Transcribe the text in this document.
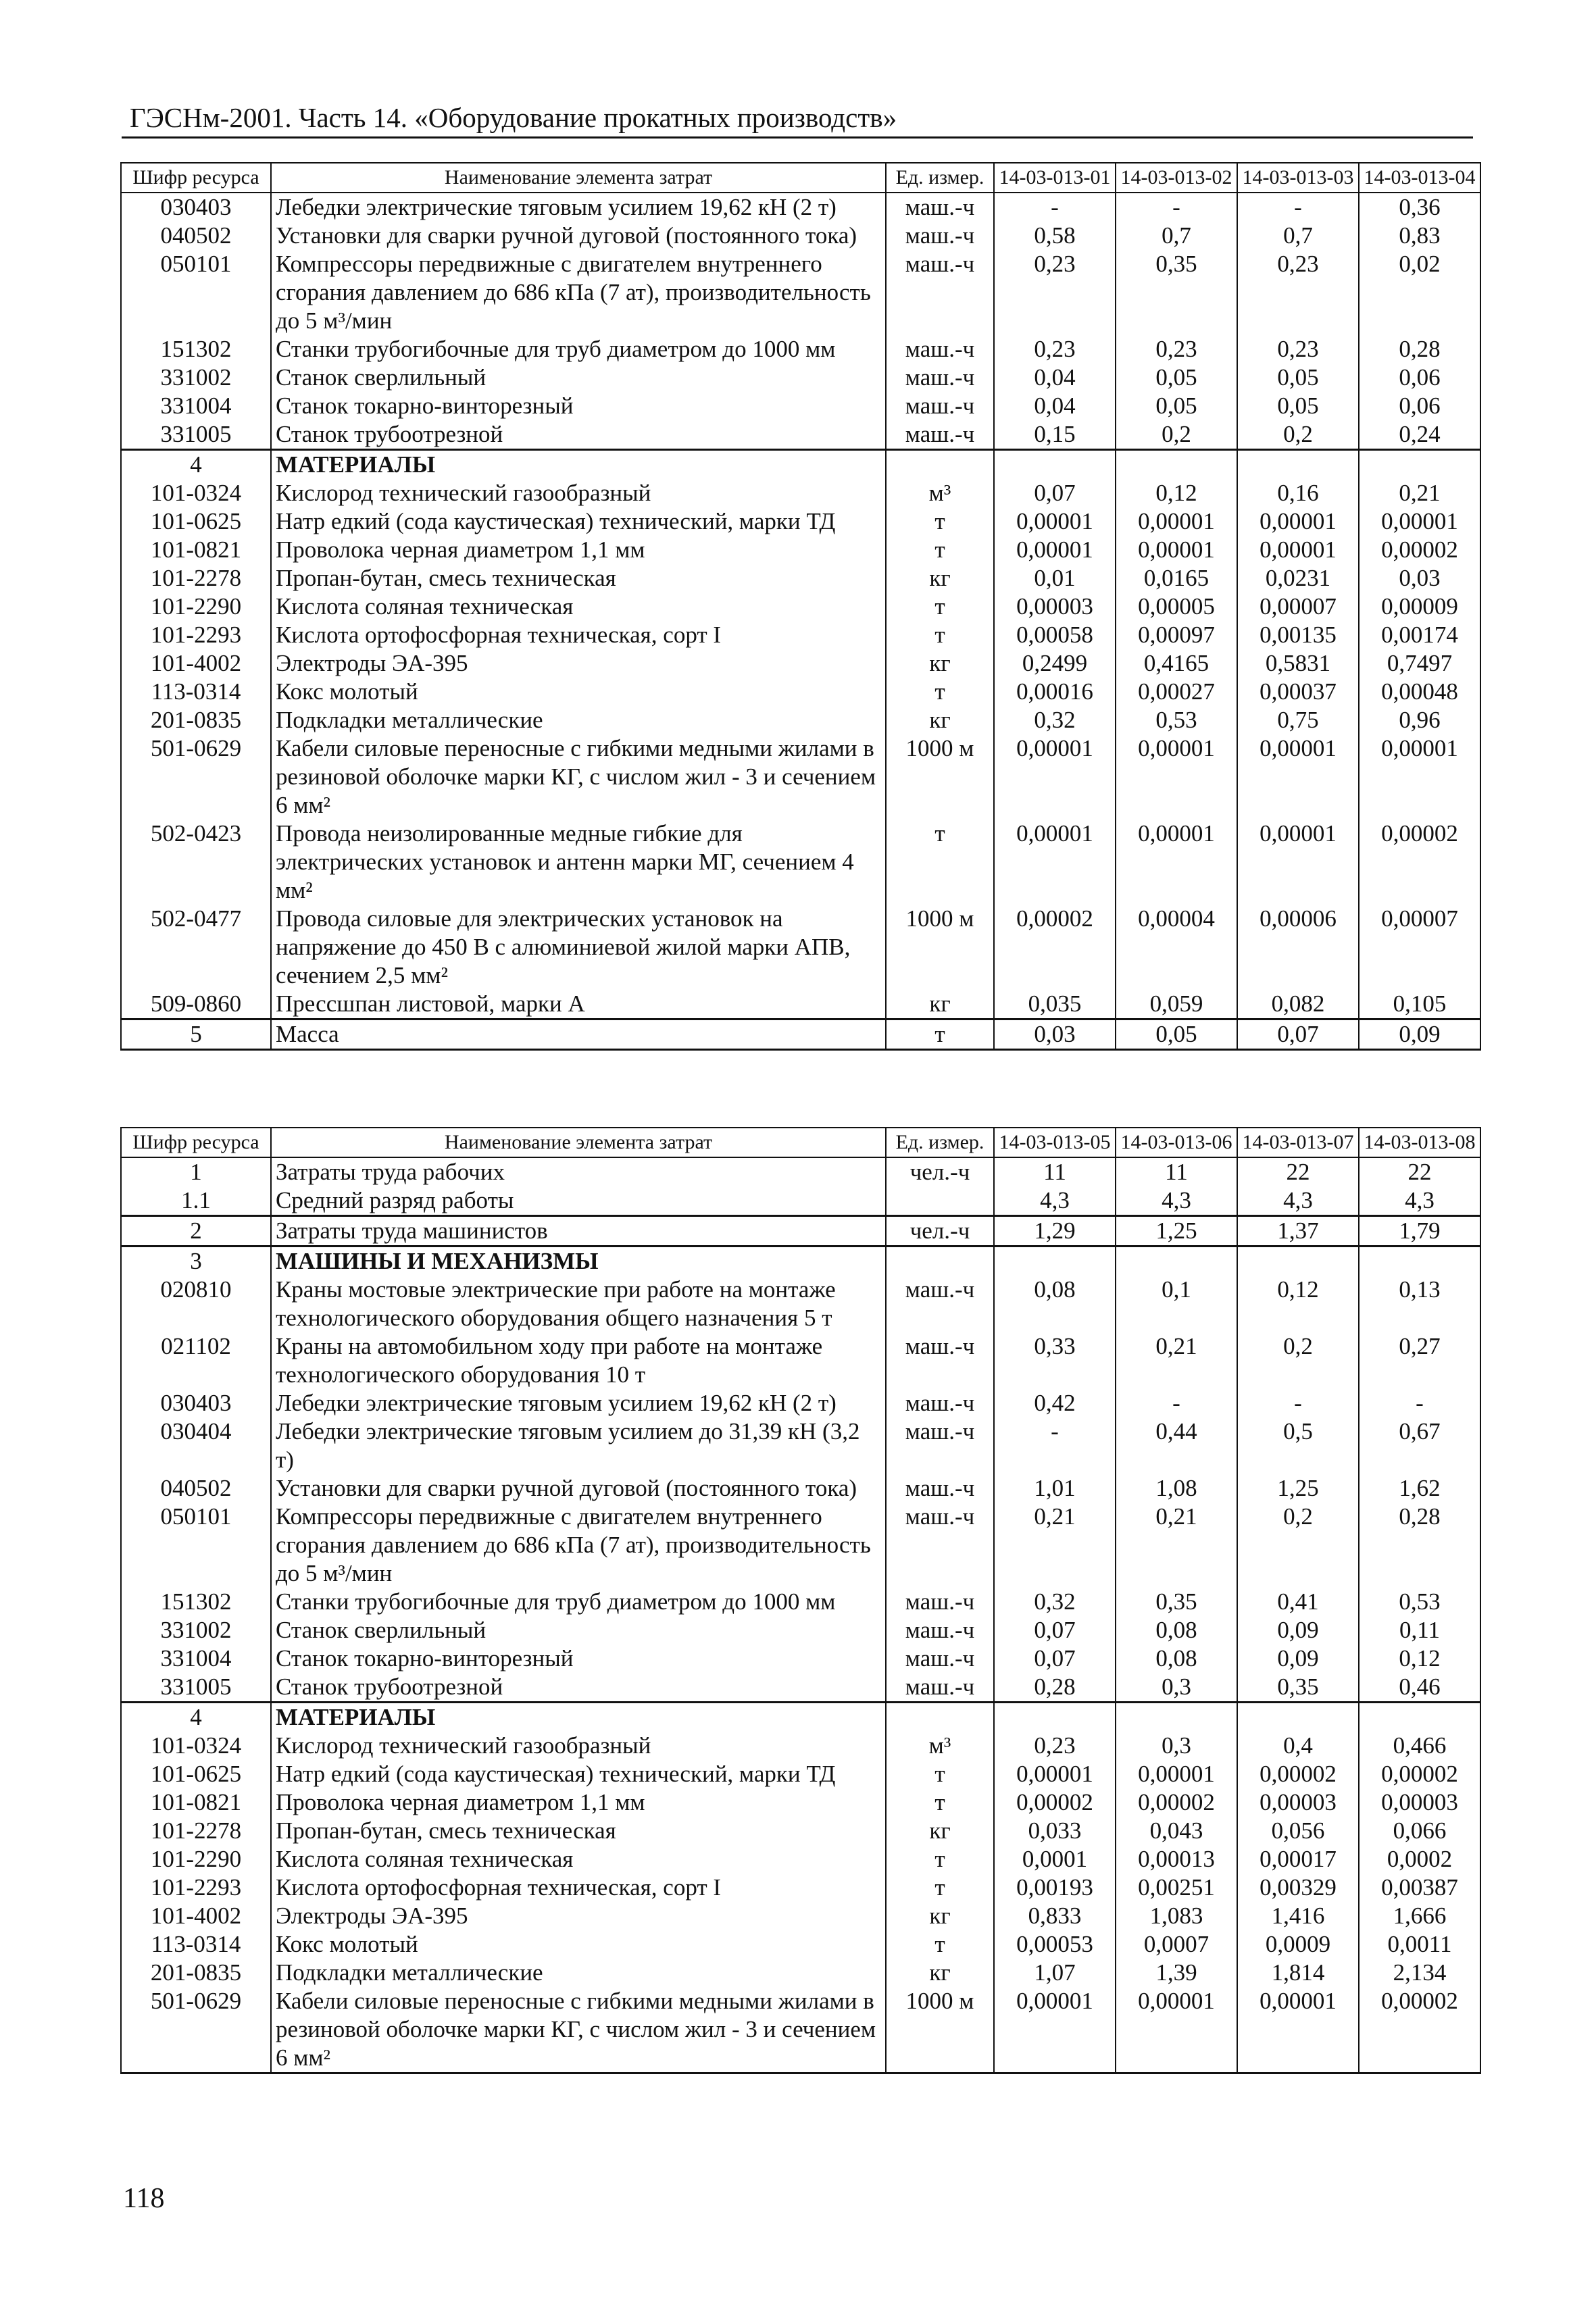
ГЭСНм-2001. Часть 14. «Оборудование прокатных производств»
Шифр ресурса	Наименование элемента затрат	Ед. измер.	14-03-013-01	14-03-013-02	14-03-013-03	14-03-013-04
030403	Лебедки электрические тяговым усилием 19,62 кН (2 т)	маш.-ч	-	-	-	0,36
040502	Установки для сварки ручной дуговой (постоянного тока)	маш.-ч	0,58	0,7	0,7	0,83
050101	Компрессоры передвижные с двигателем внутреннего сгорания давлением до 686 кПа (7 ат), производительность до 5 м³/мин	маш.-ч	0,23	0,35	0,23	0,02
151302	Станки трубогибочные для труб диаметром до 1000 мм	маш.-ч	0,23	0,23	0,23	0,28
331002	Станок сверлильный	маш.-ч	0,04	0,05	0,05	0,06
331004	Станок токарно-винторезный	маш.-ч	0,04	0,05	0,05	0,06
331005	Станок трубоотрезной	маш.-ч	0,15	0,2	0,2	0,24
4	МАТЕРИАЛЫ					
101-0324	Кислород технический газообразный	м³	0,07	0,12	0,16	0,21
101-0625	Натр едкий (сода каустическая) технический, марки ТД	т	0,00001	0,00001	0,00001	0,00001
101-0821	Проволока черная диаметром 1,1 мм	т	0,00001	0,00001	0,00001	0,00002
101-2278	Пропан-бутан, смесь техническая	кг	0,01	0,0165	0,0231	0,03
101-2290	Кислота соляная техническая	т	0,00003	0,00005	0,00007	0,00009
101-2293	Кислота ортофосфорная техническая, сорт I	т	0,00058	0,00097	0,00135	0,00174
101-4002	Электроды ЭА-395	кг	0,2499	0,4165	0,5831	0,7497
113-0314	Кокс молотый	т	0,00016	0,00027	0,00037	0,00048
201-0835	Подкладки металлические	кг	0,32	0,53	0,75	0,96
501-0629	Кабели силовые переносные с гибкими медными жилами в резиновой оболочке марки КГ, с числом жил - 3 и сечением 6 мм²	1000 м	0,00001	0,00001	0,00001	0,00001
502-0423	Провода неизолированные медные гибкие для электрических установок и антенн марки МГ, сечением 4 мм²	т	0,00001	0,00001	0,00001	0,00002
502-0477	Провода силовые для электрических установок на напряжение до 450 В с алюминиевой жилой марки АПВ, сечением 2,5 мм²	1000 м	0,00002	0,00004	0,00006	0,00007
509-0860	Прессшпан листовой, марки А	кг	0,035	0,059	0,082	0,105
5	Масса	т	0,03	0,05	0,07	0,09
Шифр ресурса	Наименование элемента затрат	Ед. измер.	14-03-013-05	14-03-013-06	14-03-013-07	14-03-013-08
1	Затраты труда рабочих	чел.-ч	11	11	22	22
1.1	Средний разряд работы		4,3	4,3	4,3	4,3
2	Затраты труда машинистов	чел.-ч	1,29	1,25	1,37	1,79
3	МАШИНЫ И МЕХАНИЗМЫ					
020810	Краны мостовые электрические при работе на монтаже технологического оборудования общего назначения 5 т	маш.-ч	0,08	0,1	0,12	0,13
021102	Краны на автомобильном ходу при работе на монтаже технологического оборудования 10 т	маш.-ч	0,33	0,21	0,2	0,27
030403	Лебедки электрические тяговым усилием 19,62 кН (2 т)	маш.-ч	0,42	-	-	-
030404	Лебедки электрические тяговым усилием до 31,39 кН (3,2 т)	маш.-ч	-	0,44	0,5	0,67
040502	Установки для сварки ручной дуговой (постоянного тока)	маш.-ч	1,01	1,08	1,25	1,62
050101	Компрессоры передвижные с двигателем внутреннего сгорания давлением до 686 кПа (7 ат), производительность до 5 м³/мин	маш.-ч	0,21	0,21	0,2	0,28
151302	Станки трубогибочные для труб диаметром до 1000 мм	маш.-ч	0,32	0,35	0,41	0,53
331002	Станок сверлильный	маш.-ч	0,07	0,08	0,09	0,11
331004	Станок токарно-винторезный	маш.-ч	0,07	0,08	0,09	0,12
331005	Станок трубоотрезной	маш.-ч	0,28	0,3	0,35	0,46
4	МАТЕРИАЛЫ					
101-0324	Кислород технический газообразный	м³	0,23	0,3	0,4	0,466
101-0625	Натр едкий (сода каустическая) технический, марки ТД	т	0,00001	0,00001	0,00002	0,00002
101-0821	Проволока черная диаметром 1,1 мм	т	0,00002	0,00002	0,00003	0,00003
101-2278	Пропан-бутан, смесь техническая	кг	0,033	0,043	0,056	0,066
101-2290	Кислота соляная техническая	т	0,0001	0,00013	0,00017	0,0002
101-2293	Кислота ортофосфорная техническая, сорт I	т	0,00193	0,00251	0,00329	0,00387
101-4002	Электроды ЭА-395	кг	0,833	1,083	1,416	1,666
113-0314	Кокс молотый	т	0,00053	0,0007	0,0009	0,0011
201-0835	Подкладки металлические	кг	1,07	1,39	1,814	2,134
501-0629	Кабели силовые переносные с гибкими медными жилами в резиновой оболочке марки КГ, с числом жил - 3 и сечением 6 мм²	1000 м	0,00001	0,00001	0,00001	0,00002
118
